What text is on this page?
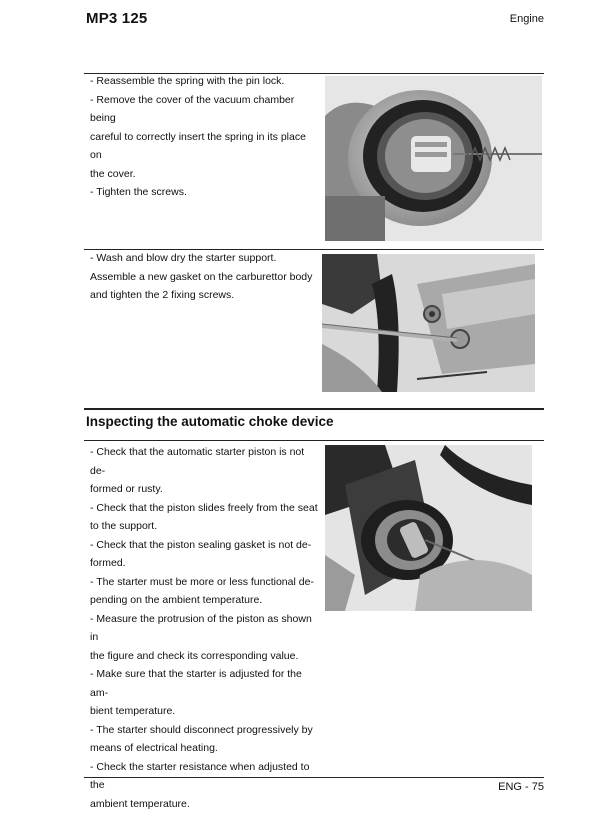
MP3 125	Engine

- Reassemble the spring with the pin lock.

- Remove the cover of the vacuum chamber being

careful to correctly insert the spring in its place on

the cover.

- Tighten the screws.

- Wash and blow dry the starter support.

Assemble a new gasket on the carburettor body

and tighten the 2 fixing screws.

Inspecting the automatic choke device

- Check that the automatic starter piston is not de-

formed or rusty.

- Check that the piston slides freely from the seat

to the support.

- Check that the piston sealing gasket is not de-

formed.

- The starter must be more or less functional de-

pending on the ambient temperature.

- Measure the protrusion of the piston as shown in

the figure and check its corresponding value.

- Make sure that the starter is adjusted for the am-

bient temperature.

- The starter should disconnect progressively by

means of electrical heating.

- Check the starter resistance when adjusted to the

ambient temperature.

ENG - 75
